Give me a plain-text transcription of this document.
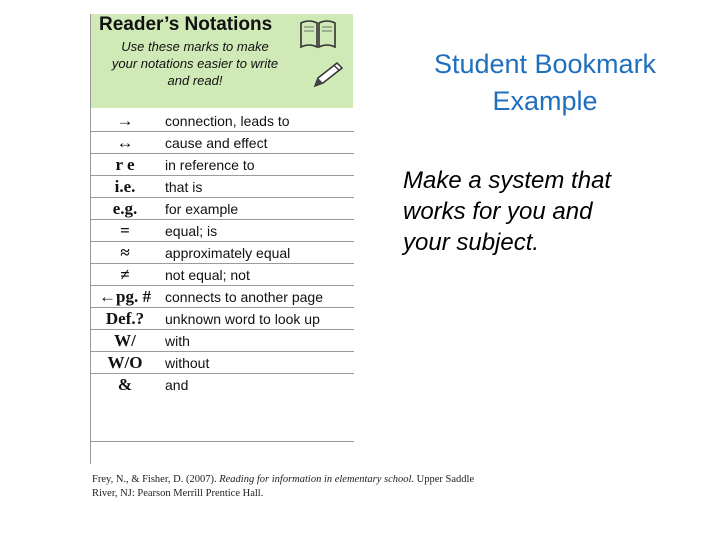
Reader’s Notations
Use these marks to make
your notations easier to write
and read!
→	connection, leads to
↔	cause and effect
r e	in reference to
i.e.	that is
e.g.	for example
=	equal; is
≈	approximately equal
≠	not equal; not
←pg. #	connects to another page
Def.?	unknown word to look up
W/	with
W/O	without
&	and
Frey, N., & Fisher, D. (2007). Reading for information in elementary school. Upper Saddle River, NJ: Pearson Merrill Prentice Hall.
Student Bookmark
Example
Make a system that
works for you and
your subject.
